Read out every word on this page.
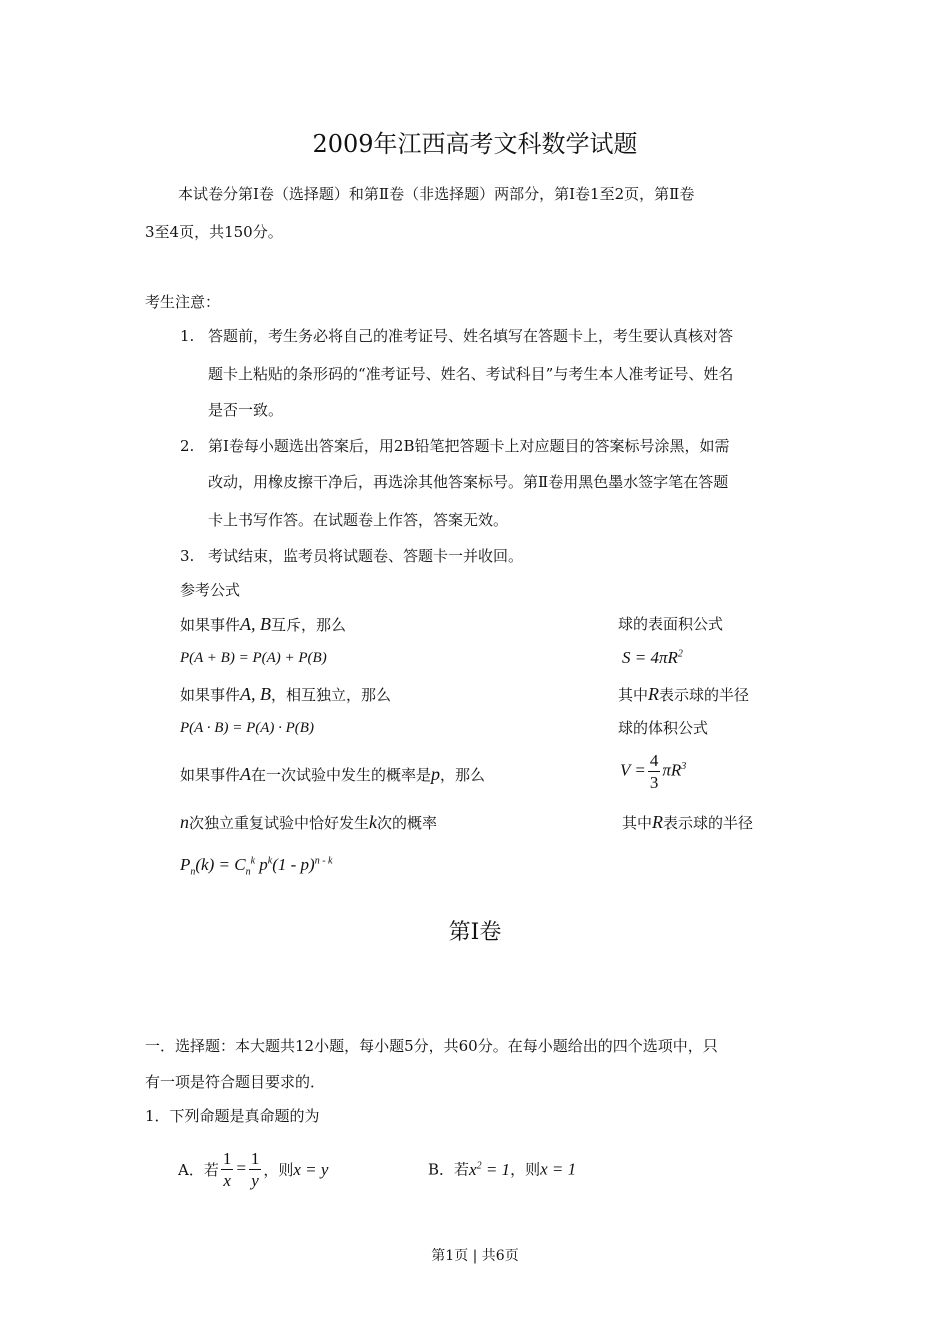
2009年江西高考文科数学试题
本试卷分第Ⅰ卷（选择题）和第Ⅱ卷（非选择题）两部分，第Ⅰ卷1至2页，第Ⅱ卷
3至4页，共150分。
考生注意：
1. 答题前，考生务必将自己的准考证号、姓名填写在答题卡上，考生要认真核对答
题卡上粘贴的条形码的“准考证号、姓名、考试科目”与考生本人准考证号、姓名
是否一致。
2. 第Ⅰ卷每小题选出答案后，用2B铅笔把答题卡上对应题目的答案标号涂黑，如需
改动，用橡皮擦干净后，再选涂其他答案标号。第Ⅱ卷用黑色墨水签字笔在答题
卡上书写作答。在试题卷上作答，答案无效。
3. 考试结束，监考员将试题卷、答题卡一并收回。
参考公式
如果事件A, B互斥，那么
P(A + B) = P(A) + P(B)
如果事件A, B，相互独立，那么
P(A · B) = P(A) · P(B)
如果事件A在一次试验中发生的概率是p，那么
n次独立重复试验中恰好发生k次的概率
$P_n(k) = C_n^k$ $p^k(1 - p)^{n - k}$
球的表面积公式
$S = 4\pi R^2$
其中R表示球的半径
球的体积公式
$V = \frac{4}{3} \pi R^3$
其中R表示球的半径
第Ⅰ卷
一．选择题：本大题共12小题，每小题5分，共60分。在每小题给出的四个选项中，只
有一项是符合题目要求的．
1．下列命题是真命题的为
A．若 $\frac{1}{x} = \frac{1}{y}$ ，则 x = y	B．若$x^2 = 1$，则x = 1
第1页 | 共6页
